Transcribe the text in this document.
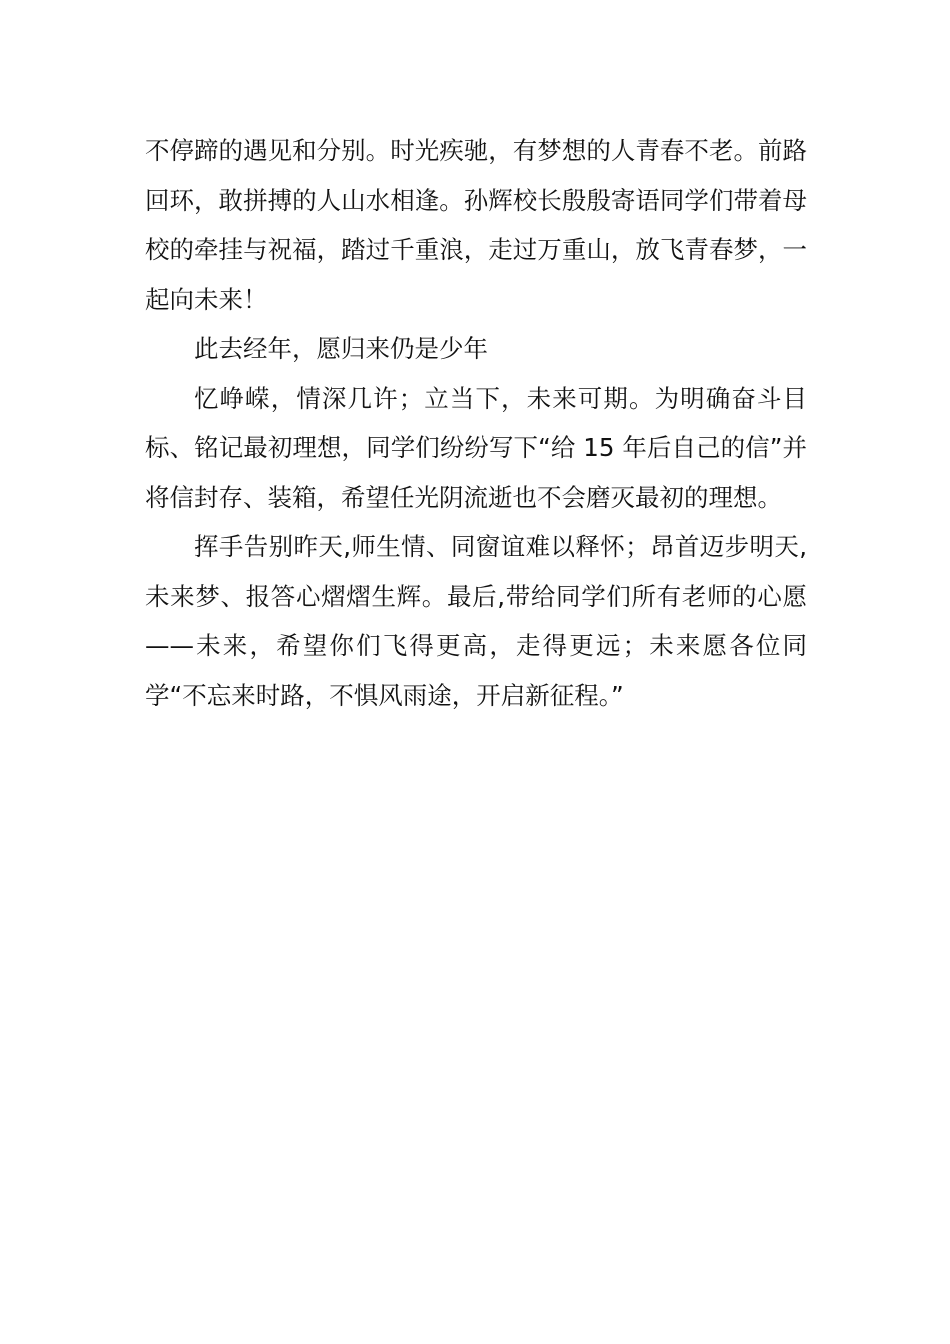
不停蹄的遇见和分别。时光疾驰，有梦想的人青春不老。前路回环，敢拼搏的人山水相逢。孙辉校长殷殷寄语同学们带着母校的牵挂与祝福，踏过千重浪，走过万重山，放飞青春梦，一起向未来！

此去经年，愿归来仍是少年

忆峥嵘，情深几许；立当下，未来可期。为明确奋斗目标、铭记最初理想，同学们纷纷写下“给 15 年后自己的信”并将信封存、装箱，希望任光阴流逝也不会磨灭最初的理想。

挥手告别昨天,师生情、同窗谊难以释怀；昂首迈步明天,未来梦、报答心熠熠生辉。最后,带给同学们所有老师的心愿——未来，希望你们飞得更高，走得更远；未来愿各位同学“不忘来时路，不惧风雨途，开启新征程。”
